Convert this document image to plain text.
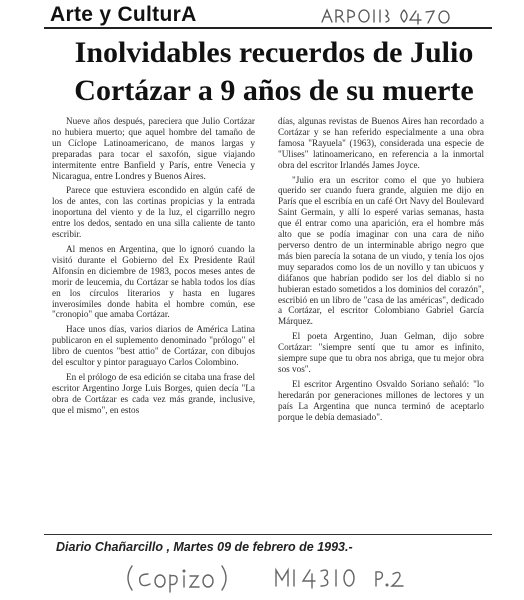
Arte y CulturA
Inolvidables recuerdos de Julio
Cortázar a 9 años de su muerte

Nueve años después, pareciera que Julio Cortázar no hubiera muerto; que aquel hombre del tamaño de un Cíclope Latinoamericano, de manos largas y preparadas para tocar el saxofón, sigue viajando intermitente entre Banfield y París, entre Venecia y Nicaragua, entre Londres y Buenos Aires.

Parece que estuviera escondido en algún café de los de antes, con las cortinas propicias y la entrada inoportuna del viento y de la luz, el cigarrillo negro entre los dedos, sentado en una silla caliente de tanto escribir.

Al menos en Argentina, que lo ignoró cuando la visitó durante el Gobierno del Ex Presidente Raúl Alfonsín en diciembre de 1983, pocos meses antes de morir de leucemia, du Cortázar se habla todos los días en los círculos literarios y hasta en lugares inverosímiles donde habita el hombre común, ese "cronopio" que amaba Cortázar.

Hace unos días, varios diarios de América Latina publicaron en el suplemento denominado "prólogo" el libro de cuentos "best attio" de Cortázar, con dibujos del escultor y pintor paraguayo Carlos Colombino.

En el prólogo de esa edición se citaba una frase del escritor Argentino Jorge Luis Borges, quien decía "La obra de Cortázar es cada vez más grande, inclusive, que el mismo", en estos

días, algunas revistas de Buenos Aires han recordado a Cortázar y se han referido especialmente a una obra famosa "Rayuela" (1963), considerada una especie de "Ulises" latinoamericano, en referencia a la inmortal obra del escritor Irlandés James Joyce.

"Julio era un escritor como el que yo hubiera querido ser cuando fuera grande, alguien me dijo en París que el escribía en un café Ort Navy del Boulevard Saint Germain, y allí lo esperé varias semanas, hasta que él entrar como una aparición, era el hombre más alto que se podía imaginar con una cara de niño perverso dentro de un interminable abrigo negro que más bien parecía la sotana de un viudo, y tenía los ojos muy separados como los de un novillo y tan ubicuos y diáfanos que habrían podido ser los del diablo si no hubieran estado sometidos a los dominios del corazón", escribió en un libro de "casa de las américas", dedicado a Cortázar, el escritor Colombiano Gabriel García Márquez.

El poeta Argentino, Juan Gelman, dijo sobre Cortázar: "siempre sentí que tu amor es infinito, siempre supe que tu obra nos abriga, que tu mejor obra sos vos".

El escritor Argentino Osvaldo Soriano señaló: "lo heredarán por generaciones millones de lectores y un país La Argentina que nunca terminó de aceptarlo porque le debía demasiado".

Diario Chañarcillo , Martes 09 de febrero de 1993.-
